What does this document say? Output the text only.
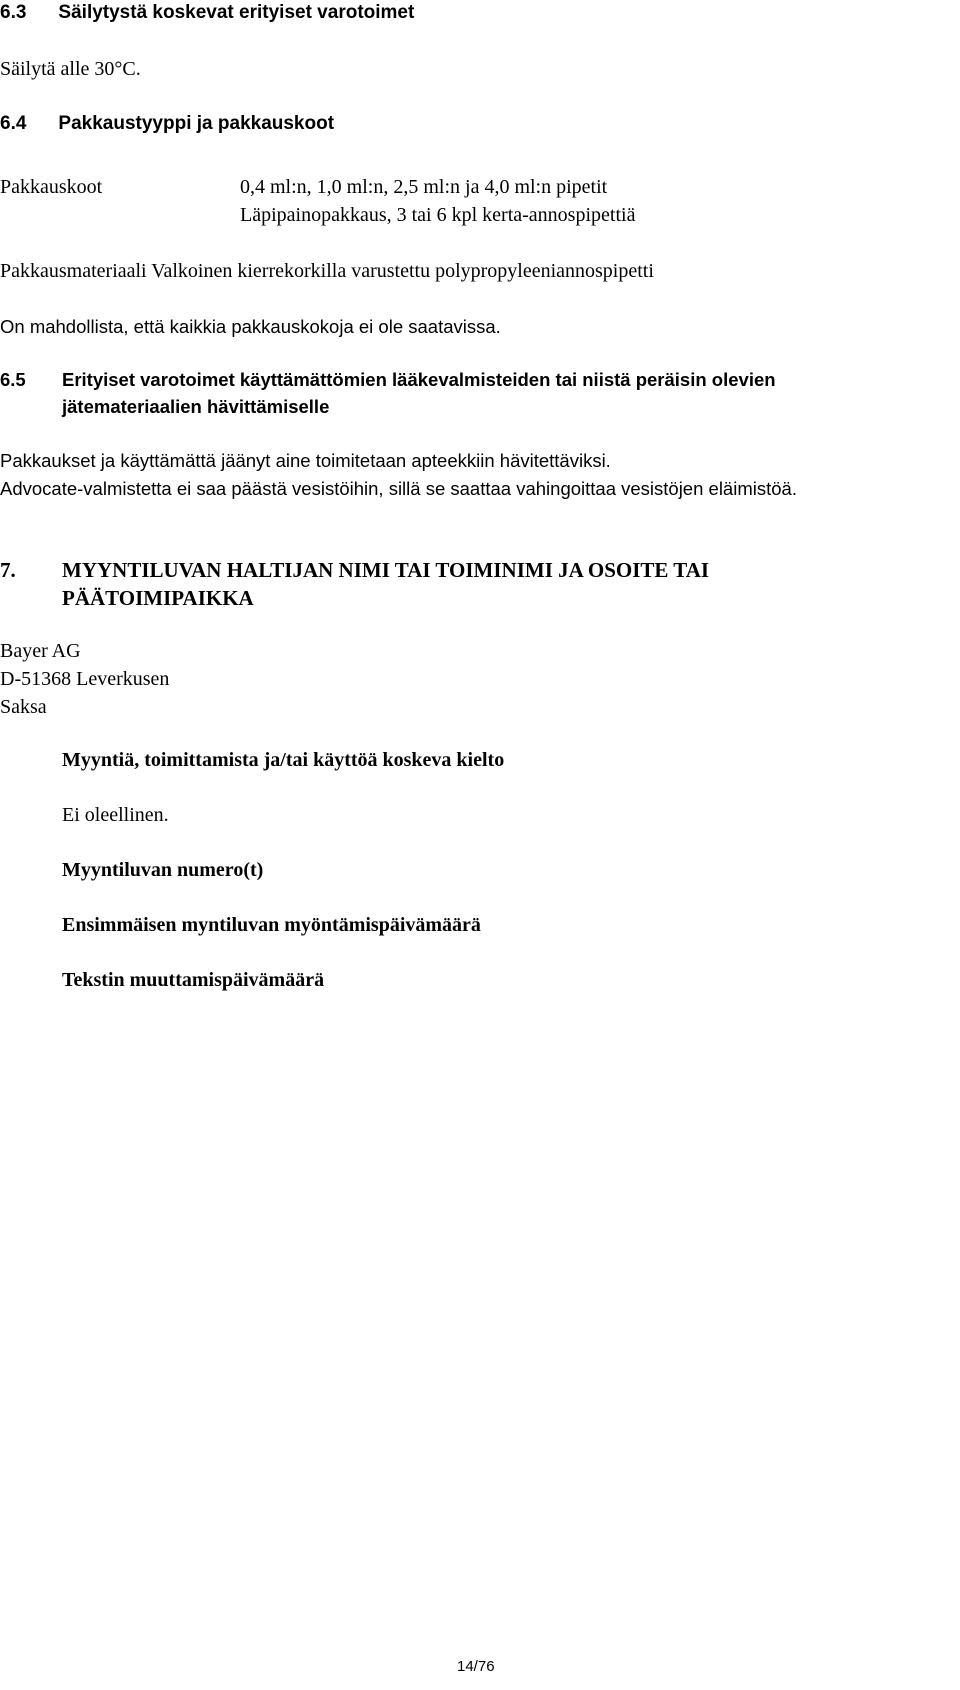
6.3 Säilytystä koskevat erityiset varotoimet
Säilytä alle 30°C.
6.4 Pakkaustyyppi ja pakkauskoot
Pakkauskoot	0,4 ml:n, 1,0 ml:n, 2,5 ml:n ja 4,0 ml:n pipetit
Läpipainopakkaus, 3 tai 6 kpl kerta-annospipettiä
Pakkausmateriaali Valkoinen kierrekorkilla varustettu polypropyleeniannospipetti
On mahdollista, että kaikkia pakkauskokoja ei ole saatavissa.
6.5 Erityiset varotoimet käyttämättömien lääkevalmisteiden tai niistä peräisin olevien
jätemateriaalien hävittämiselle
Pakkaukset ja käyttämättä jäänyt aine toimitetaan apteekkiin hävitettäviksi.
Advocate-valmistetta ei saa päästä vesistöihin, sillä se saattaa vahingoittaa vesistöjen eläimistöä.
7. MYYNTILUVAN HALTIJAN NIMI TAI TOIMINIMI JA OSOITE TAI
PÄÄTOIMIPAIKKA
Bayer AG
D-51368 Leverkusen
Saksa
Myyntiä, toimittamista ja/tai käyttöä koskeva kielto
Ei oleellinen.
Myyntiluvan numero(t)
Ensimmäisen myntiluvan myöntämispäivämäärä
Tekstin muuttamispäivämäärä
14/76
